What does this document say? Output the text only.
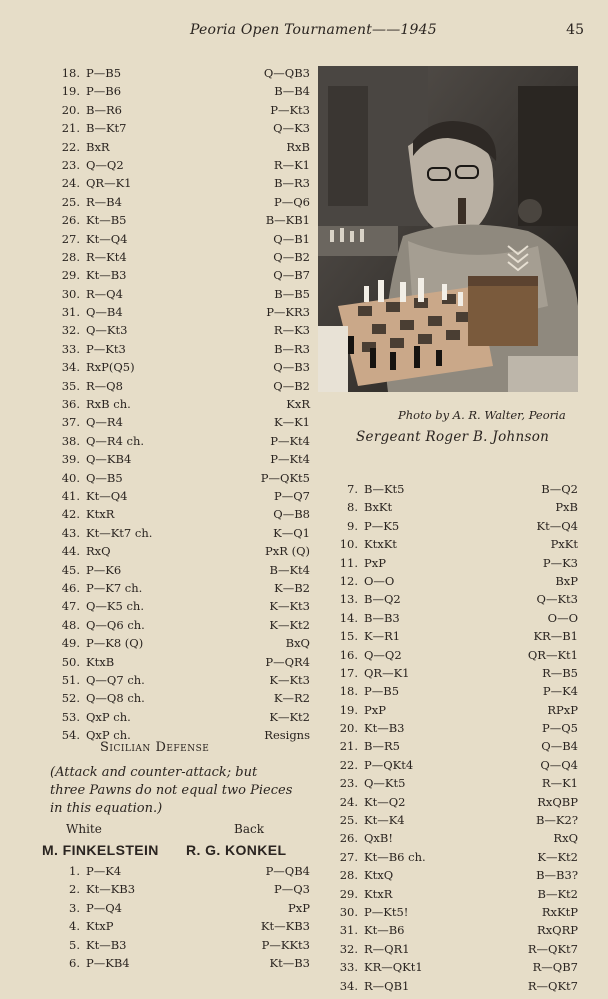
Peoria Open Tournament——1945	45
18. P—B5	Q—QB3
19. P—B6	B—B4
20. B—R6	P—Kt3
21. B—Kt7	Q—K3
22. BxR	RxB
23. Q—Q2	R—K1
24. QR—K1	B—R3
25. R—B4	P—Q6
26. Kt—B5	B—KB1
27. Kt—Q4	Q—B1
28. R—Kt4	Q—B2
29. Kt—B3	Q—B7
30. R—Q4	B—B5
31. Q—B4	P—KR3
32. Q—Kt3	R—K3
33. P—Kt3	B—R3
34. RxP(Q5)	Q—B3
35. R—Q8	Q—B2
36. RxB ch.	KxR
37. Q—R4	K—K1
38. Q—R4 ch.	P—Kt4
39. Q—KB4	P—Kt4
40. Q—B5	P—QKt5
41. Kt—Q4	P—Q7
42. KtxR	Q—B8
43. Kt—Kt7 ch.	K—Q1
44. RxQ	PxR (Q)
45. P—K6	B—Kt4
46. P—K7 ch.	K—B2
47. Q—K5 ch.	K—Kt3
48. Q—Q6 ch.	K—Kt2
49. P—K8 (Q)	BxQ
50. KtxB	P—QR4
51. Q—Q7 ch.	K—Kt3
52. Q—Q8 ch.	K—R2
53. QxP ch.	K—Kt2
54. QxP ch.	Resigns
Photo by A. R. Walter, Peoria
Sergeant Roger B. Johnson
Sicilian Defense
(Attack and counter-attack; but
three Pawns do not equal two Pieces
in this equation.)
White	Back
M. FINKELSTEIN R. G. KONKEL
1. P—K4	P—QB4
2. Kt—KB3	P—Q3
3. P—Q4	PxP
4. KtxP	Kt—KB3
5. Kt—B3	P—KKt3
6. P—KB4	Kt—B3
7. B—Kt5	B—Q2
8. BxKt	PxB
9. P—K5	Kt—Q4
10. KtxKt	PxKt
11. PxP	P—K3
12. O—O	BxP
13. B—Q2	Q—Kt3
14. B—B3	O—O
15. K—R1	KR—B1
16. Q—Q2	QR—Kt1
17. QR—K1	R—B5
18. P—B5	P—K4
19. PxP	RPxP
20. Kt—B3	P—Q5
21. B—R5	Q—B4
22. P—QKt4	Q—Q4
23. Q—Kt5	R—K1
24. Kt—Q2	RxQBP
25. Kt—K4	B—K2?
26. QxB!	RxQ
27. Kt—B6 ch.	K—Kt2
28. KtxQ	B—B3?
29. KtxR	B—Kt2
30. P—Kt5!	RxKtP
31. Kt—B6	RxQRP
32. R—QR1	R—QKt7
33. KR—QKt1	R—QB7
34. R—QB1	R—QKt7
